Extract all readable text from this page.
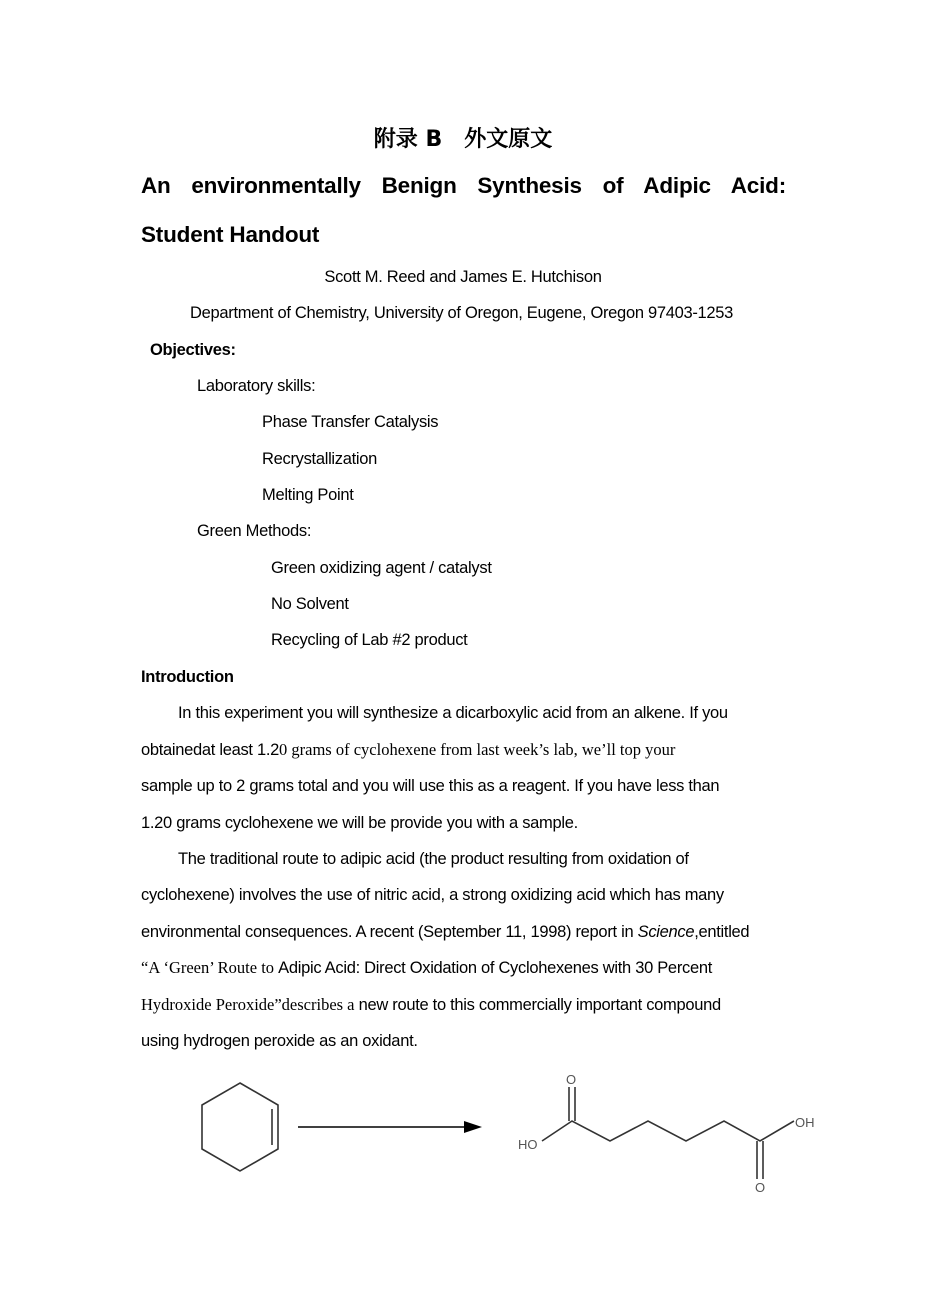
附录 B　外文原文
An environmentally Benign Synthesis of Adipic Acid:
Student Handout
Scott M. Reed and James E. Hutchison
Department of Chemistry, University of Oregon, Eugene, Oregon 97403-1253
Objectives:
Laboratory skills:
Phase Transfer Catalysis
Recrystallization
Melting Point
Green Methods:
Green oxidizing agent / catalyst
No Solvent
Recycling of Lab #2 product
Introduction
In this experiment you will synthesize a dicarboxylic acid from an alkene. If you
obtainedat least 1.20 grams of cyclohexene from last week’s lab, we’ll top your
sample up to 2 grams total and you will use this as a reagent. If you have less than
1.20 grams cyclohexene we will be provide you with a sample.
The traditional route to adipic acid (the product resulting from oxidation of
cyclohexene) involves the use of nitric acid, a strong oxidizing acid which has many
environmental consequences. A recent (September 11, 1998) report in Science,entitled
“A ‘Green’ Route to Adipic Acid: Direct Oxidation of Cyclohexenes with 30 Percent
Hydroxide Peroxide”describes a new route to this commercially important compound
using hydrogen peroxide as an oxidant.
O
HO
OH
O
